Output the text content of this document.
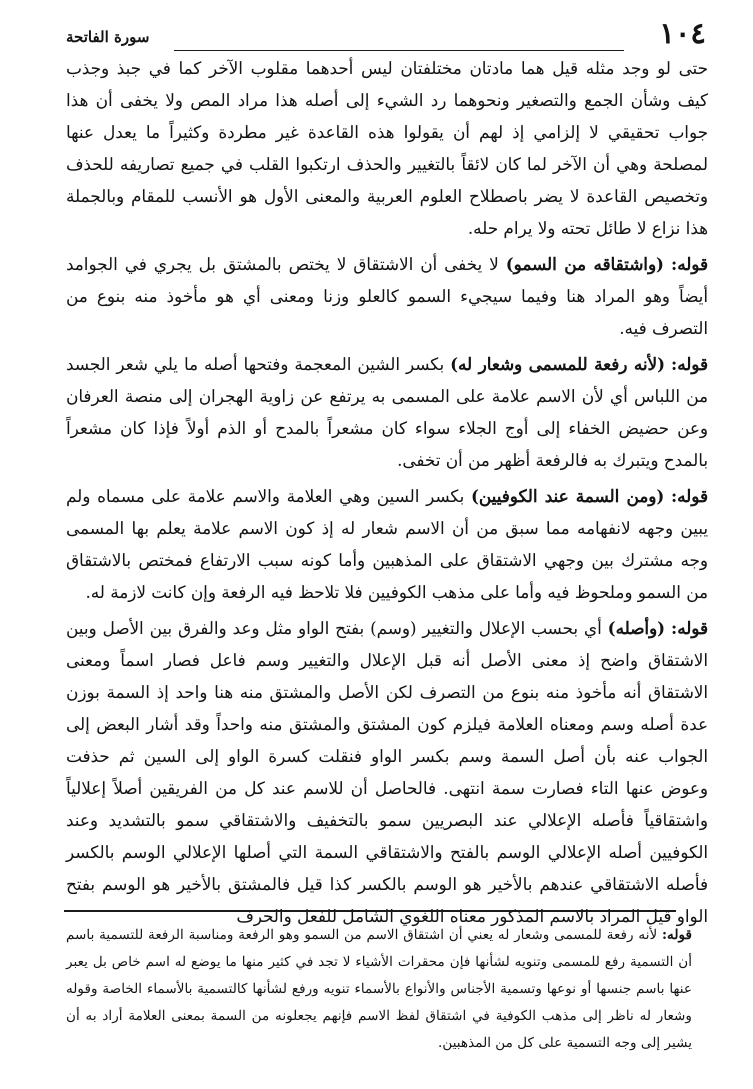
سورة الفاتحة	١٠٤

حتى لو وجد مثله قيل هما مادتان مختلفتان ليس أحدهما مقلوب الآخر كما في جبذ وجذب كيف وشأن الجمع والتصغير ونحوهما رد الشيء إلى أصله هذا مراد المص ولا يخفى أن هذا جواب تحقيقي لا إلزامي إذ لهم أن يقولوا هذه القاعدة غير مطردة وكثيراً ما يعدل عنها لمصلحة وهي أن الآخر لما كان لائقاً بالتغيير والحذف ارتكبوا القلب في جميع تصاريفه للحذف وتخصيص القاعدة لا يضر باصطلاح العلوم العربية والمعنى الأول هو الأنسب للمقام وبالجملة هذا نزاع لا طائل تحته ولا يرام حله.

قوله: (واشتقاقه من السمو) لا يخفى أن الاشتقاق لا يختص بالمشتق بل يجري في الجوامد أيضاً وهو المراد هنا وفيما سيجيء السمو كالعلو وزنا ومعنى أي هو مأخوذ منه بنوع من التصرف فيه.

قوله: (لأنه رفعة للمسمى وشعار له) بكسر الشين المعجمة وفتحها أصله ما يلي شعر الجسد من اللباس أي لأن الاسم علامة على المسمى به يرتفع عن زاوية الهجران إلى منصة العرفان وعن حضيض الخفاء إلى أوج الجلاء سواء كان مشعراً بالمدح أو الذم أولاً فإذا كان مشعراً بالمدح ويتبرك به فالرفعة أظهر من أن تخفى.

قوله: (ومن السمة عند الكوفيين) بكسر السين وهي العلامة والاسم علامة على مسماه ولم يبين وجهه لانفهامه مما سبق من أن الاسم شعار له إذ كون الاسم علامة يعلم بها المسمى وجه مشترك بين وجهي الاشتقاق على المذهبين وأما كونه سبب الارتفاع فمختص بالاشتقاق من السمو وملحوظ فيه وأما على مذهب الكوفيين فلا تلاحظ فيه الرفعة وإن كانت لازمة له.

قوله: (وأصله) أي بحسب الإعلال والتغيير (وسم) بفتح الواو مثل وعد والفرق بين الأصل وبين الاشتقاق واضح إذ معنى الأصل أنه قبل الإعلال والتغيير وسم فاعل فصار اسماً ومعنى الاشتقاق أنه مأخوذ منه بنوع من التصرف لكن الأصل والمشتق منه هنا واحد إذ السمة بوزن عدة أصله وسم ومعناه العلامة فيلزم كون المشتق والمشتق منه واحداً وقد أشار البعض إلى الجواب عنه بأن أصل السمة وسم بكسر الواو فنقلت كسرة الواو إلى السين ثم حذفت وعوض عنها التاء فصارت سمة انتهى. فالحاصل أن للاسم عند كل من الفريقين أصلاً إعلالياً واشتقاقياً فأصله الإعلالي عند البصريين سمو بالتخفيف والاشتقاقي سمو بالتشديد وعند الكوفيين أصله الإعلالي الوسم بالفتح والاشتقاقي السمة التي أصلها الإعلالي الوسم بالكسر فأصله الاشتقاقي عندهم بالأخير هو الوسم بالكسر كذا قيل فالمشتق بالأخير هو الوسم بفتح الواو قيل المراد بالاسم المذكور معناه اللغوي الشامل للفعل والحرف

قوله: لأنه رفعة للمسمى وشعار له يعني أن اشتقاق الاسم من السمو وهو الرفعة ومناسبة الرفعة للتسمية باسم أن التسمية رفع للمسمى وتنويه لشأنها فإن محقرات الأشياء لا تجد في كثير منها ما يوضع له اسم خاص بل يعبر عنها باسم جنسها أو نوعها وتسمية الأجناس والأنواع بالأسماء تنويه ورفع لشأنها كالتسمية بالأسماء الخاصة وقوله وشعار له ناظر إلى مذهب الكوفية في اشتقاق لفظ الاسم فإنهم يجعلونه من السمة بمعنى العلامة أراد به أن يشير إلى وجه التسمية على كل من المذهبين.
